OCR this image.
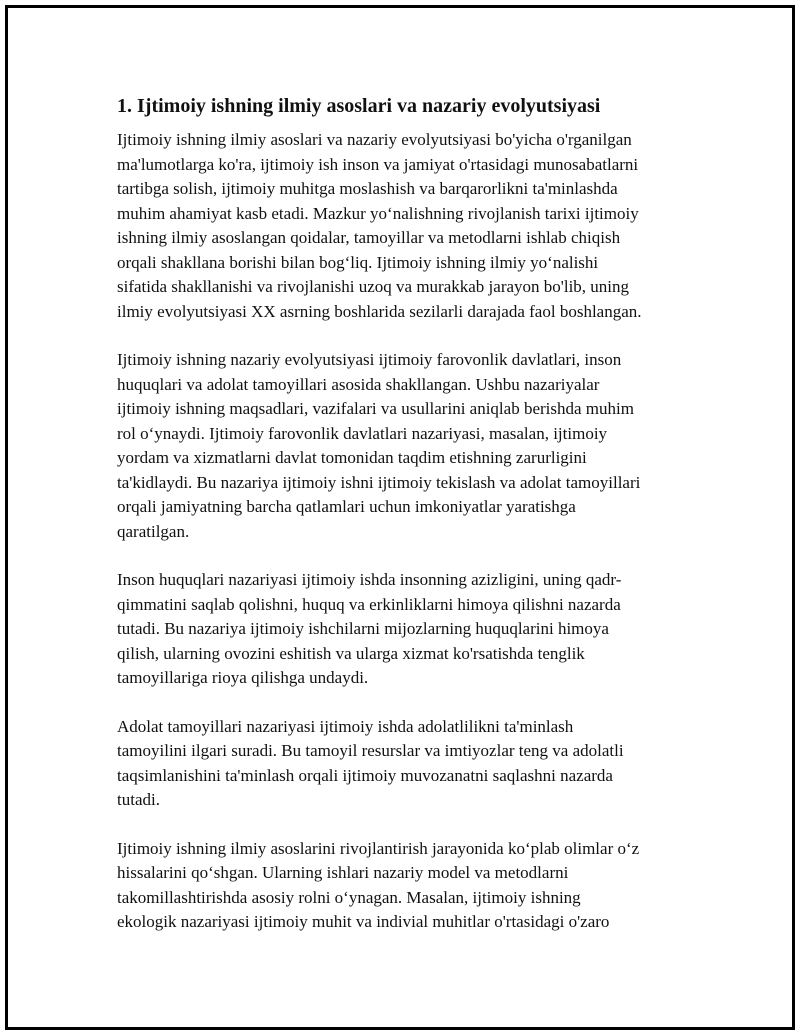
1. Ijtimoiy ishning ilmiy asoslari va nazariy evolyutsiyasi
Ijtimoiy ishning ilmiy asoslari va nazariy evolyutsiyasi bo'yicha o'rganilgan
ma'lumotlarga ko'ra, ijtimoiy ish inson va jamiyat o'rtasidagi munosabatlarni
tartibga solish, ijtimoiy muhitga moslashish va barqarorlikni ta'minlashda
muhim ahamiyat kasb etadi. Mazkur yo‘nalishning rivojlanish tarixi ijtimoiy
ishning ilmiy asoslangan qoidalar, tamoyillar va metodlarni ishlab chiqish
orqali shakllana borishi bilan bog‘liq. Ijtimoiy ishning ilmiy yo‘nalishi
sifatida shakllanishi va rivojlanishi uzoq va murakkab jarayon bo'lib, uning
ilmiy evolyutsiyasi XX asrning boshlarida sezilarli darajada faol boshlangan.
Ijtimoiy ishning nazariy evolyutsiyasi ijtimoiy farovonlik davlatlari, inson
huquqlari va adolat tamoyillari asosida shakllangan. Ushbu nazariyalar
ijtimoiy ishning maqsadlari, vazifalari va usullarini aniqlab berishda muhim
rol o‘ynaydi. Ijtimoiy farovonlik davlatlari nazariyasi, masalan, ijtimoiy
yordam va xizmatlarni davlat tomonidan taqdim etishning zarurligini
ta'kidlaydi. Bu nazariya ijtimoiy ishni ijtimoiy tekislash va adolat tamoyillari
orqali jamiyatning barcha qatlamlari uchun imkoniyatlar yaratishga
qaratilgan.
Inson huquqlari nazariyasi ijtimoiy ishda insonning azizligini, uning qadr-
qimmatini saqlab qolishni, huquq va erkinliklarni himoya qilishni nazarda
tutadi. Bu nazariya ijtimoiy ishchilarni mijozlarning huquqlarini himoya
qilish, ularning ovozini eshitish va ularga xizmat ko'rsatishda tenglik
tamoyillariga rioya qilishga undaydi.
Adolat tamoyillari nazariyasi ijtimoiy ishda adolatlilikni ta'minlash
tamoyilini ilgari suradi. Bu tamoyil resurslar va imtiyozlar teng va adolatli
taqsimlanishini ta'minlash orqali ijtimoiy muvozanatni saqlashni nazarda
tutadi.
Ijtimoiy ishning ilmiy asoslarini rivojlantirish jarayonida ko‘plab olimlar o‘z
hissalarini qo‘shgan. Ularning ishlari nazariy model va metodlarni
takomillashtirishda asosiy rolni o‘ynagan. Masalan, ijtimoiy ishning
ekologik nazariyasi ijtimoiy muhit va indivial muhitlar o'rtasidagi o'zaro
